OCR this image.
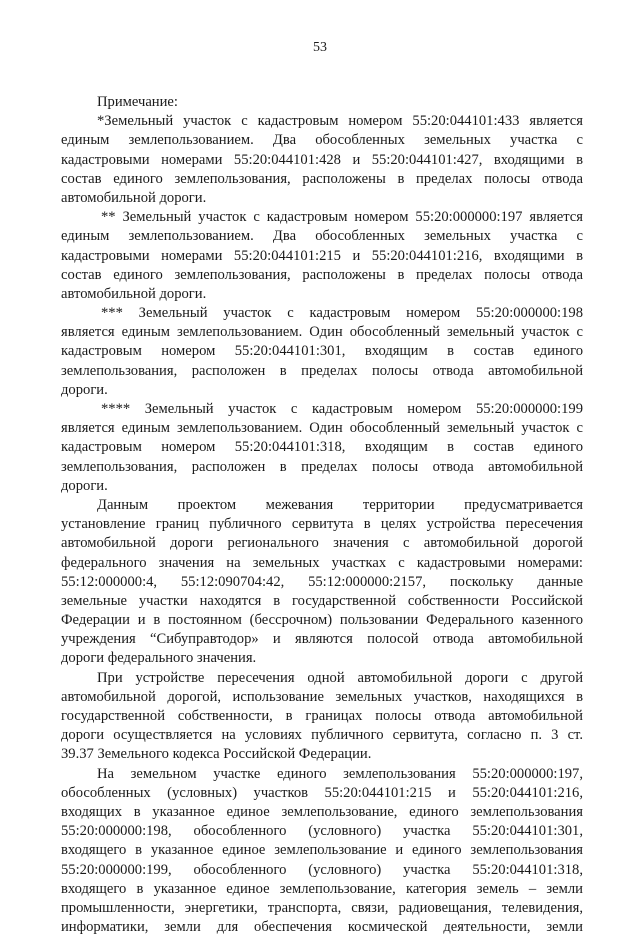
53
Примечание:
*Земельный участок с кадастровым номером 55:20:044101:433 является
единым землепользованием. Два обособленных земельных участка с
кадастровыми номерами 55:20:044101:428 и 55:20:044101:427, входящими в
состав единого землепользования, расположены в пределах полосы отвода
автомобильной дороги.
** Земельный участок с кадастровым номером 55:20:000000:197 является
единым землепользованием. Два обособленных земельных участка с
кадастровыми номерами 55:20:044101:215 и 55:20:044101:216, входящими в
состав единого землепользования, расположены в пределах полосы отвода
автомобильной дороги.
*** Земельный участок с кадастровым номером 55:20:000000:198
является единым землепользованием. Один обособленный земельный участок с
кадастровым номером 55:20:044101:301, входящим в состав единого
землепользования, расположен в пределах полосы отвода автомобильной
дороги.
**** Земельный участок с кадастровым номером 55:20:000000:199
является единым землепользованием. Один обособленный земельный участок с
кадастровым номером 55:20:044101:318, входящим в состав единого
землепользования, расположен в пределах полосы отвода автомобильной
дороги.
Данным проектом межевания территории предусматривается
установление границ публичного сервитута в целях устройства пересечения
автомобильной дороги регионального значения с автомобильной дорогой
федерального значения на земельных участках с кадастровыми номерами:
55:12:000000:4, 55:12:090704:42, 55:12:000000:2157, поскольку данные
земельные участки находятся в государственной собственности Российской
Федерации и в постоянном (бессрочном) пользовании Федерального казенного
учреждения “Сибуправтодор» и являются полосой отвода автомобильной
дороги федерального значения.
При устройстве пересечения одной автомобильной дороги с другой
автомобильной дорогой, использование земельных участков, находящихся в
государственной собственности, в границах полосы отвода автомобильной
дороги осуществляется на условиях публичного сервитута, согласно п. 3 ст.
39.37 Земельного кодекса Российской Федерации.
На земельном участке единого землепользования 55:20:000000:197,
обособленных (условных) участков 55:20:044101:215 и 55:20:044101:216,
входящих в указанное единое землепользование, единого землепользования
55:20:000000:198, обособленного (условного) участка 55:20:044101:301,
входящего в указанное единое землепользование и единого землепользования
55:20:000000:199, обособленного (условного) участка 55:20:044101:318,
входящего в указанное единое землепользование, категория земель – земли
промышленности, энергетики, транспорта, связи, радиовещания, телевидения,
информатики, земли для обеспечения космической деятельности, земли
